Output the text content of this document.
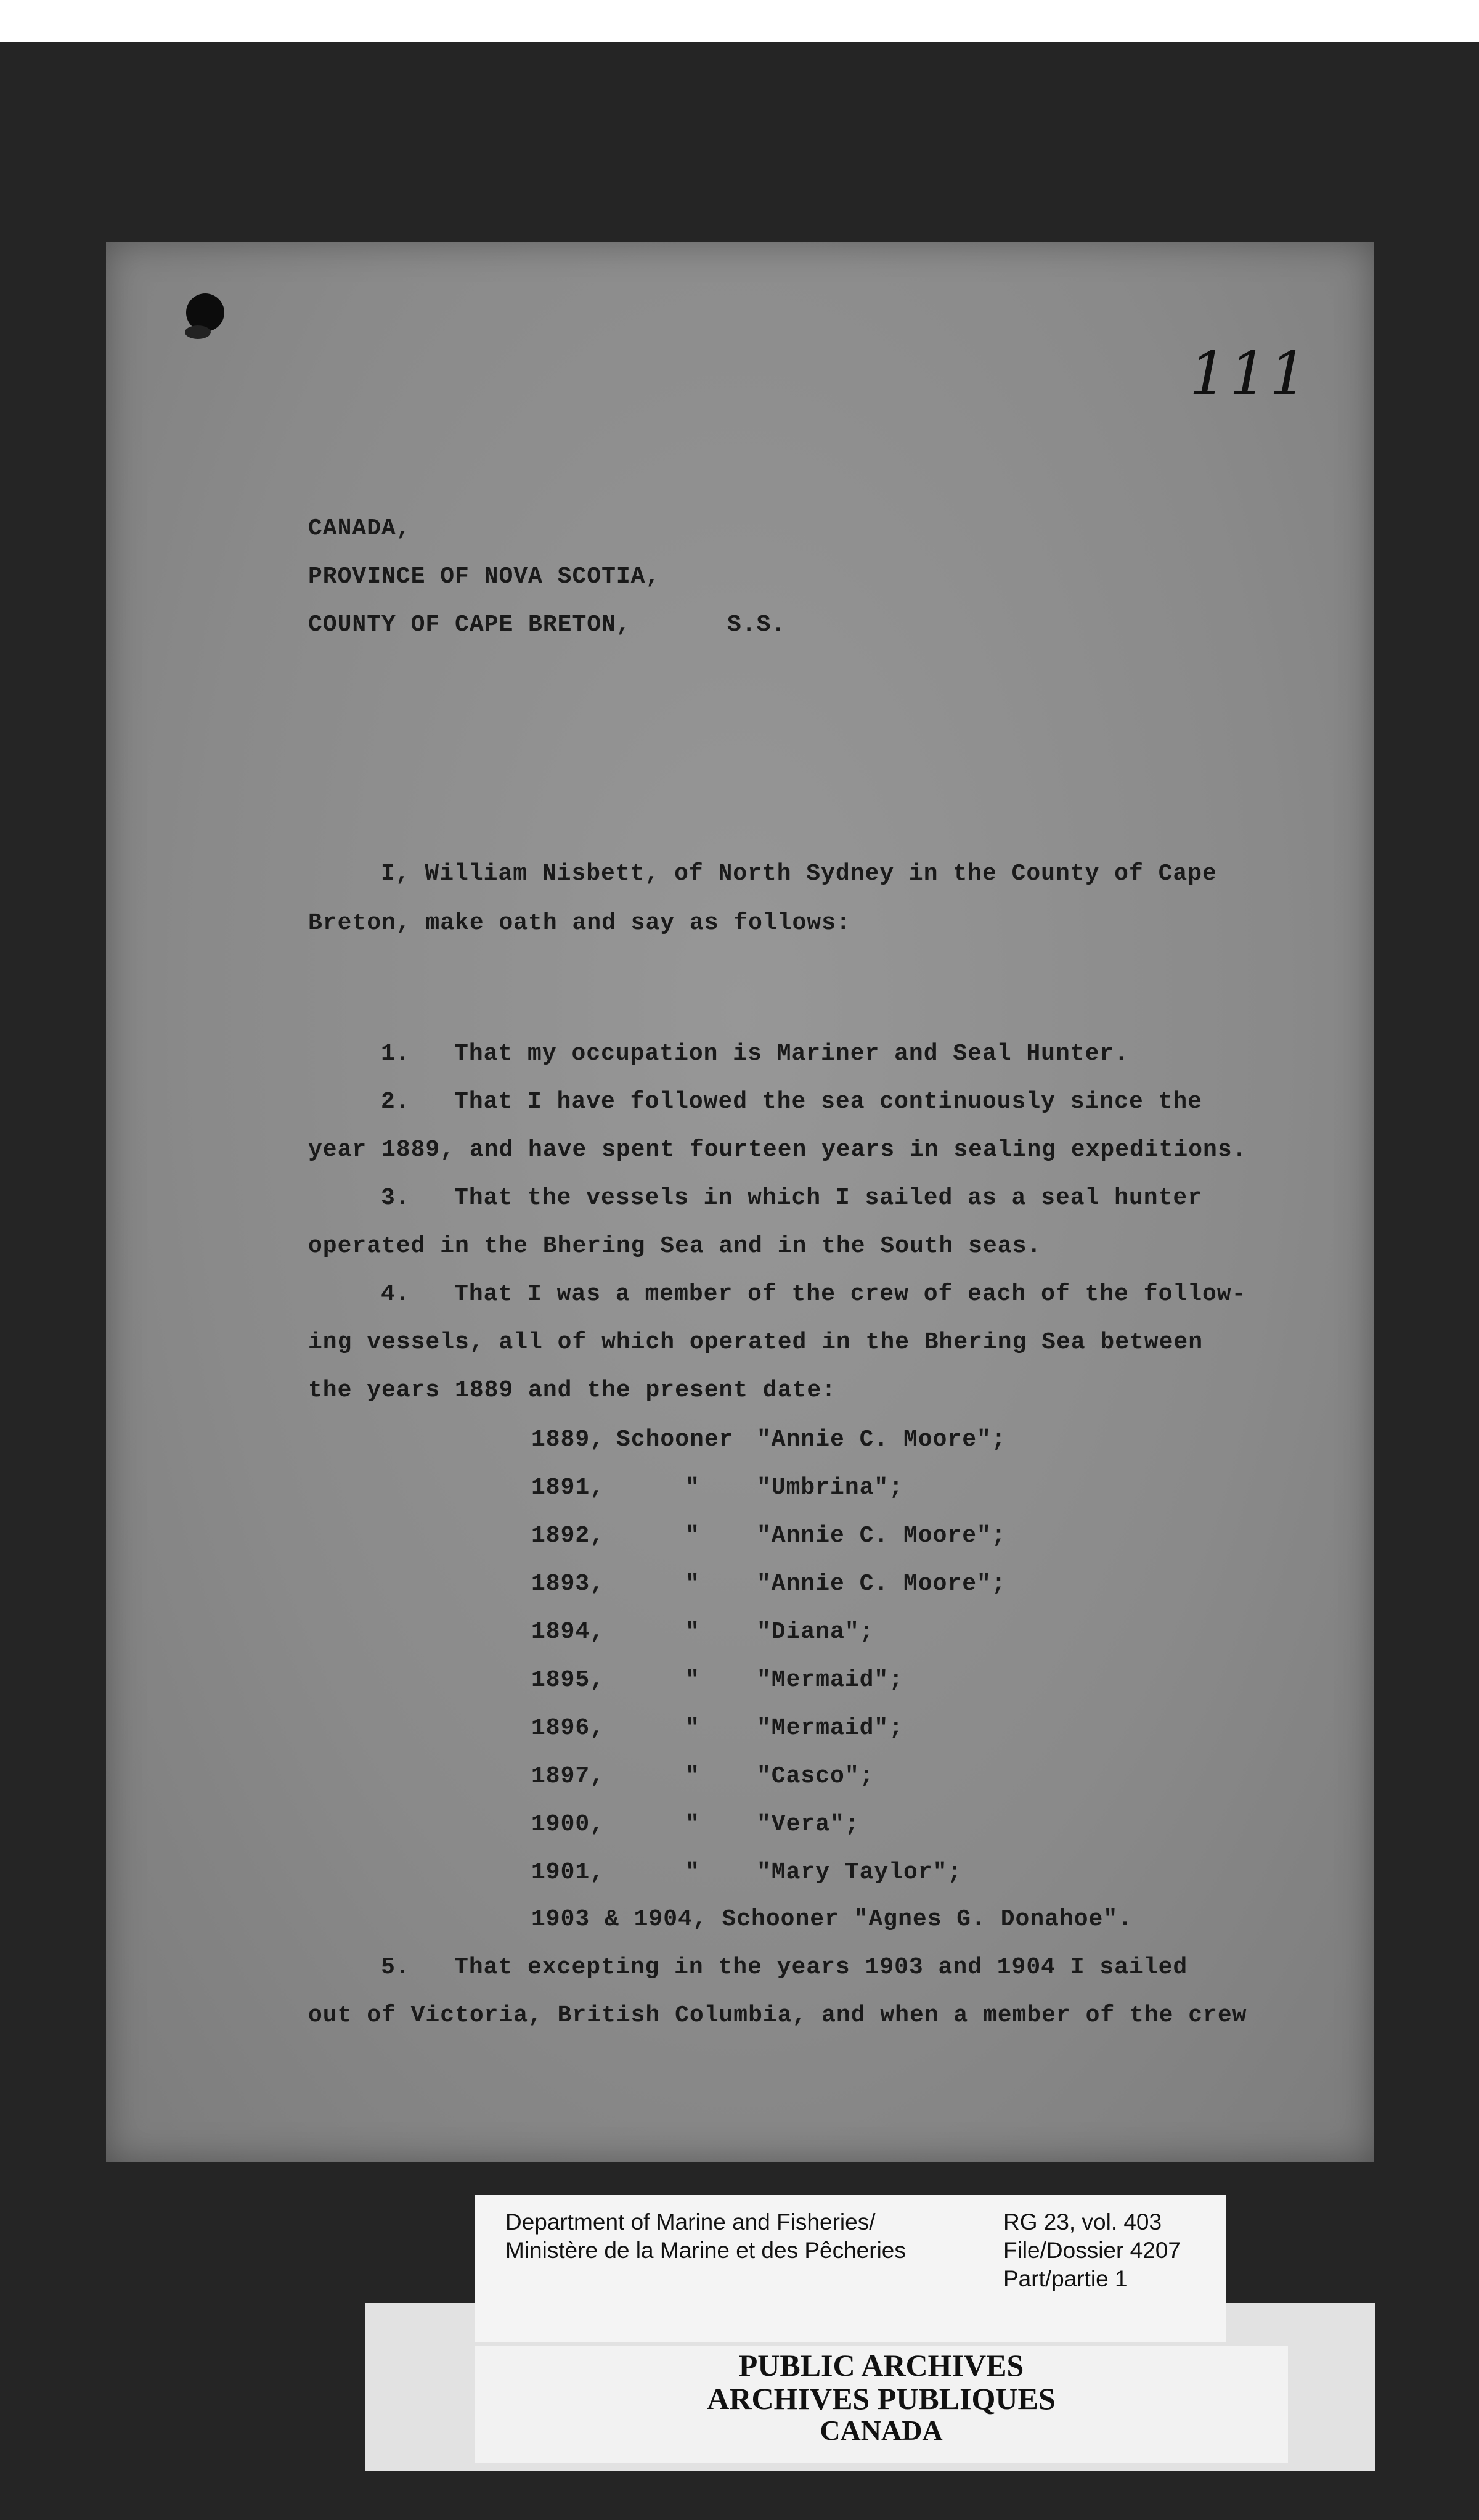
111
CANADA,
PROVINCE OF NOVA SCOTIA,
COUNTY OF CAPE BRETON,	S.S.
I, William Nisbett, of North Sydney in the County of Cape
Breton, make oath and say as follows:
1.   That my occupation is Mariner and Seal Hunter.
2.   That I have followed the sea continuously since the
year 1889, and have spent fourteen years in sealing expeditions.
3.   That the vessels in which I sailed as a seal hunter
operated in the Bhering Sea and in the South seas.
4.   That I was a member of the crew of each of the follow-
ing vessels, all of which operated in the Bhering Sea between
the years 1889 and the present date:
1889, Schooner "Annie C. Moore";
1891,	" "Umbrina";
1892,	" "Annie C. Moore";
1893,	" "Annie C. Moore";
1894,	" "Diana";
1895,	" "Mermaid";
1896,	" "Mermaid";
1897,	" "Casco";
1900,	" "Vera";
1901,	" "Mary Taylor";
1903 & 1904, Schooner "Agnes G. Donahoe".
5.   That excepting in the years 1903 and 1904 I sailed
out of Victoria, British Columbia, and when a member of the crew
PUBLIC ARCHIVES
ARCHIVES PUBLIQUES
CANADA
Department of Marine and Fisheries/
Ministère de la Marine et des Pêcheries
RG 23, vol. 403
File/Dossier 4207
Part/partie 1
